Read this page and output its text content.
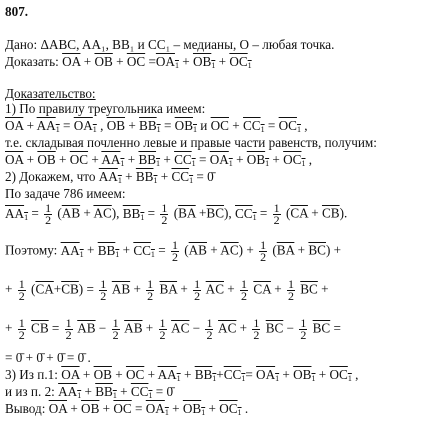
807.
Дано: ΔABC, AA₁, BB₁ и CC₁ – медианы, O – любая точка.
Доказать: $\overline{OA} + \overline{OB} + \overline{OC} =OA_1 + OB_1 + OC_1$
Доказательство:
1) По правилу треугольника имеем:
$\overline{OA} + AA_1 = OA_1$ , $\overline{OB} + BB_1 = OB_1$ и $\overline{OC} + CC_1 = OC_1$ ,
т.е. складывая почленно левые и правые части равенств, получим:
$\overline{OA} + \overline{OB} + \overline{OC} + AA_1 + BB_1 + CC_1 = OA_1 + OB_1 + OC_1$ ,
2) Докажем, что $AA_1 + BB_1 + CC_1$ = 0̄
По задаче 786 имеем:
$AA_1 = \frac{1}{2} (\overline{AB} + \overline{AC})$, $BB_1 = \frac{1}{2} (\overline{BA} +\overline{BC})$, $CC_1 = \frac{1}{2} (\overline{CA} + \overline{CB})$.
Поэтому: $AA_1 + BB_1 + CC_1 = \frac{1}{2} (\overline{AB} + \overline{AC}) + \frac{1}{2} (\overline{BA} + \overline{BC})$ +
+ $\frac{1}{2} (\overline{CA}+\overline{CB}) = \frac{1}{2} \overline{AB} + \frac{1}{2} \overline{BA} + \frac{1}{2} \overline{AC} + \frac{1}{2} \overline{CA} + \frac{1}{2} \overline{BC}$ +
+ $\frac{1}{2} \overline{CB} = \frac{1}{2} \overline{AB} - \frac{1}{2} \overline{AB} + \frac{1}{2} \overline{AC} - \frac{1}{2} \overline{AC} + \frac{1}{2} \overline{BC} - \frac{1}{2} \overline{BC}$ =
= 0̄ + 0̄ + 0̄ = 0̄ .
3) Из п.1: $\overline{OA} + \overline{OB} + \overline{OC} + AA_1 + BB_1+CC_1= OA_1 + OB_1 + OC_1$ ,
и из п. 2: $AA_1 + BB_1 + CC_1$ = 0̄
Вывод: $\overline{OA} + \overline{OB} + \overline{OC} = OA_1 + OB_1 + OC_1$ .
